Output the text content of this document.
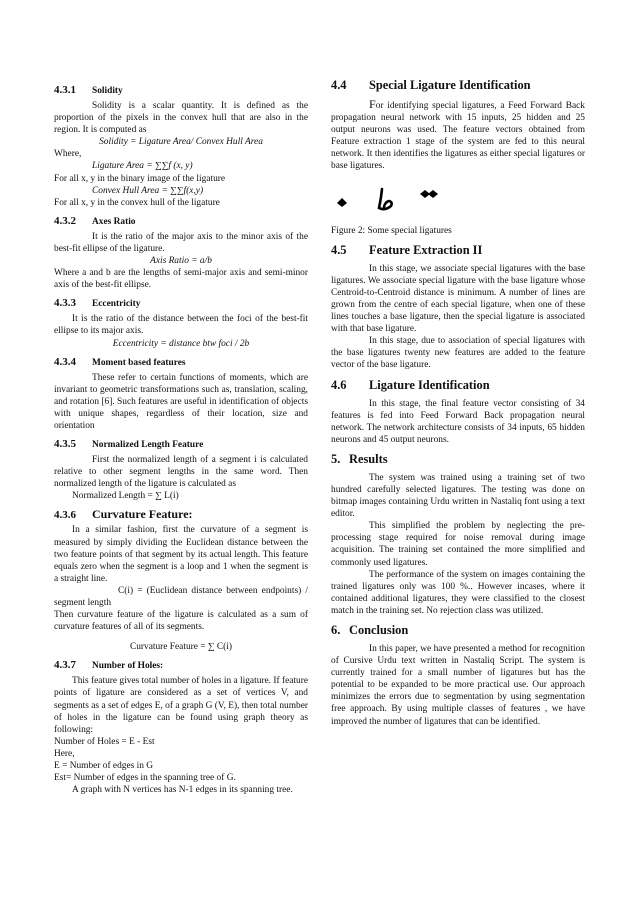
4.3.1 Solidity

Solidity is a scalar quantity. It is defined as the proportion of the pixels in the convex hull that are also in the region. It is computed as

Solidity = Ligature Area/ Convex Hull Area

Where,

Ligature Area = ∑∑f (x, y)

For all x, y in the binary image of the ligature

Convex Hull Area = ∑∑f(x,y)

For all x, y in the convex hull of the ligature

4.3.2 Axes Ratio

It is the ratio of the major axis to the minor axis of the best-fit ellipse of the ligature.

Axis Ratio = a/b

Where a and b are the lengths of semi-major axis and semi-minor axis of the best-fit ellipse.

4.3.3 Eccentricity

It is the ratio of the distance between the foci of the best-fit ellipse to its major axis.

Eccentricity = distance btw foci / 2b

4.3.4 Moment based features

These refer to certain functions of moments, which are invariant to geometric transformations such as, translation, scaling, and rotation [6]. Such features are useful in identification of objects with unique shapes, regardless of their location, size and orientation

4.3.5 Normalized Length Feature

First the normalized length of a segment i is calculated relative to other segment lengths in the same word. Then normalized length of the ligature is calculated as

Normalized Length = ∑ L(i)

4.3.6 Curvature Feature:

In a similar fashion, first the curvature of a segment is measured by simply dividing the Euclidean distance between the two feature points of that segment by its actual length. This feature equals zero when the segment is a loop and 1 when the segment is a straight line.

C(i) = (Euclidean distance between endpoints) / segment length

Then curvature feature of the ligature is calculated as a sum of curvature features of all of its segments.

Curvature Feature = ∑ C(i)

4.3.7 Number of Holes:

This feature gives total number of holes in a ligature. If feature points of ligature are considered as a set of vertices V, and segments as a set of edges E, of a graph G (V, E), then total number of holes in the ligature can be found using graph theory as following:

Number of Holes = E - Est

Here,

E = Number of edges in G

Est= Number of edges in the spanning tree of G.

A graph with N vertices has N-1 edges in its spanning tree.

4.4 Special Ligature Identification

For identifying special ligatures, a Feed Forward Back propagation neural network with 15 inputs, 25 hidden and 25 output neurons was used. The feature vectors obtained from Feature extraction 1 stage of the system are fed to this neural network. It then identifies the ligatures as either special ligatures or base ligatures.

Figure 2: Some special ligatures

4.5 Feature Extraction II

In this stage, we associate special ligatures with the base ligatures. We associate special ligature with the base ligature whose Centroid-to-Centroid distance is minimum. A number of lines are grown from the centre of each special ligature, when one of these lines touches a base ligature, then the special ligature is associated with that base ligature.

In this stage, due to association of special ligatures with the base ligatures twenty new features are added to the feature vector of the base ligature.

4.6 Ligature Identification

In this stage, the final feature vector consisting of 34 features is fed into Feed Forward Back propagation neural network. The network architecture consists of 34 inputs, 65 hidden neurons and 45 output neurons.

5. Results

The system was trained using a training set of two hundred carefully selected ligatures. The testing was done on bitmap images containing Urdu written in Nastaliq font using a text editor.

This simplified the problem by neglecting the pre-processing stage required for noise removal during image acquisition. The training set contained the more simplified and commonly used ligatures.

The performance of the system on images containing the trained ligatures only was 100 %.. However incases, where it contained additional ligatures, they were classified to the closest match in the training set. No rejection class was utilized.

6. Conclusion

In this paper, we have presented a method for recognition of Cursive Urdu text written in Nastaliq Script. The system is currently trained for a small number of ligatures but has the potential to be expanded to be more practical use. Our approach minimizes the errors due to segmentation by using segmentation free approach. By using multiple classes of features , we have improved the number of ligatures that can be identified.
